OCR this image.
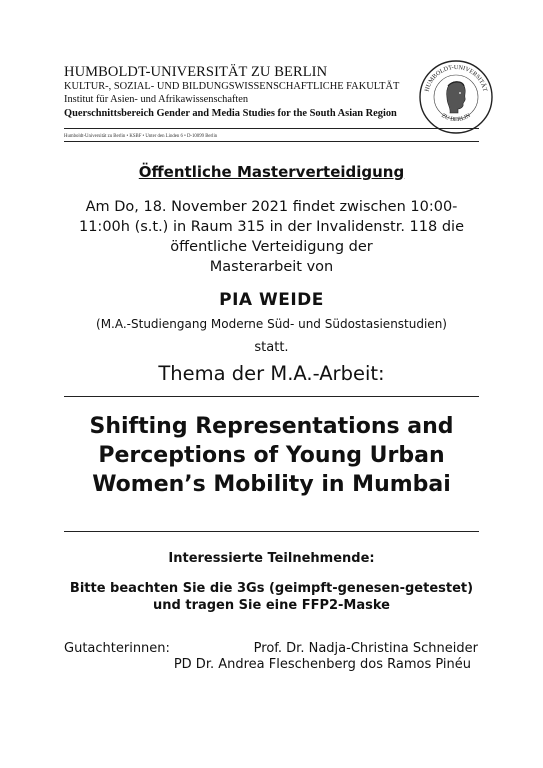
HUMBOLDT-UNIVERSITÄT ZU BERLIN
KULTUR-, SOZIAL- UND BILDUNGSWISSENSCHAFTLICHE FAKULTÄT
Institut für Asien- und Afrikawissenschaften
Querschnittsbereich Gender and Media Studies for the South Asian Region
Humboldt-Universität zu Berlin • KSBF • Unter den Linden 6 • D-10099 Berlin
HUMBOLDT-UNIVERSITÄT
ZU BERLIN
Öffentliche Masterverteidigung
Am Do, 18. November 2021 findet zwischen 10:00-
11:00h (s.t.) in Raum 315 in der Invalidenstr. 118 die
öffentliche Verteidigung der
Masterarbeit von
PIA WEIDE
(M.A.-Studiengang Moderne Süd- und Südostasienstudien)
statt.
Thema der M.A.-Arbeit:
Shifting Representations and
Perceptions of Young Urban
Women’s Mobility in Mumbai
Interessierte Teilnehmende:
Bitte beachten Sie die 3Gs (geimpft-genesen-getestet)
und tragen Sie eine FFP2-Maske
Gutachterinnen:	Prof. Dr. Nadja-Christina Schneider
PD Dr. Andrea Fleschenberg dos Ramos Pinéu
